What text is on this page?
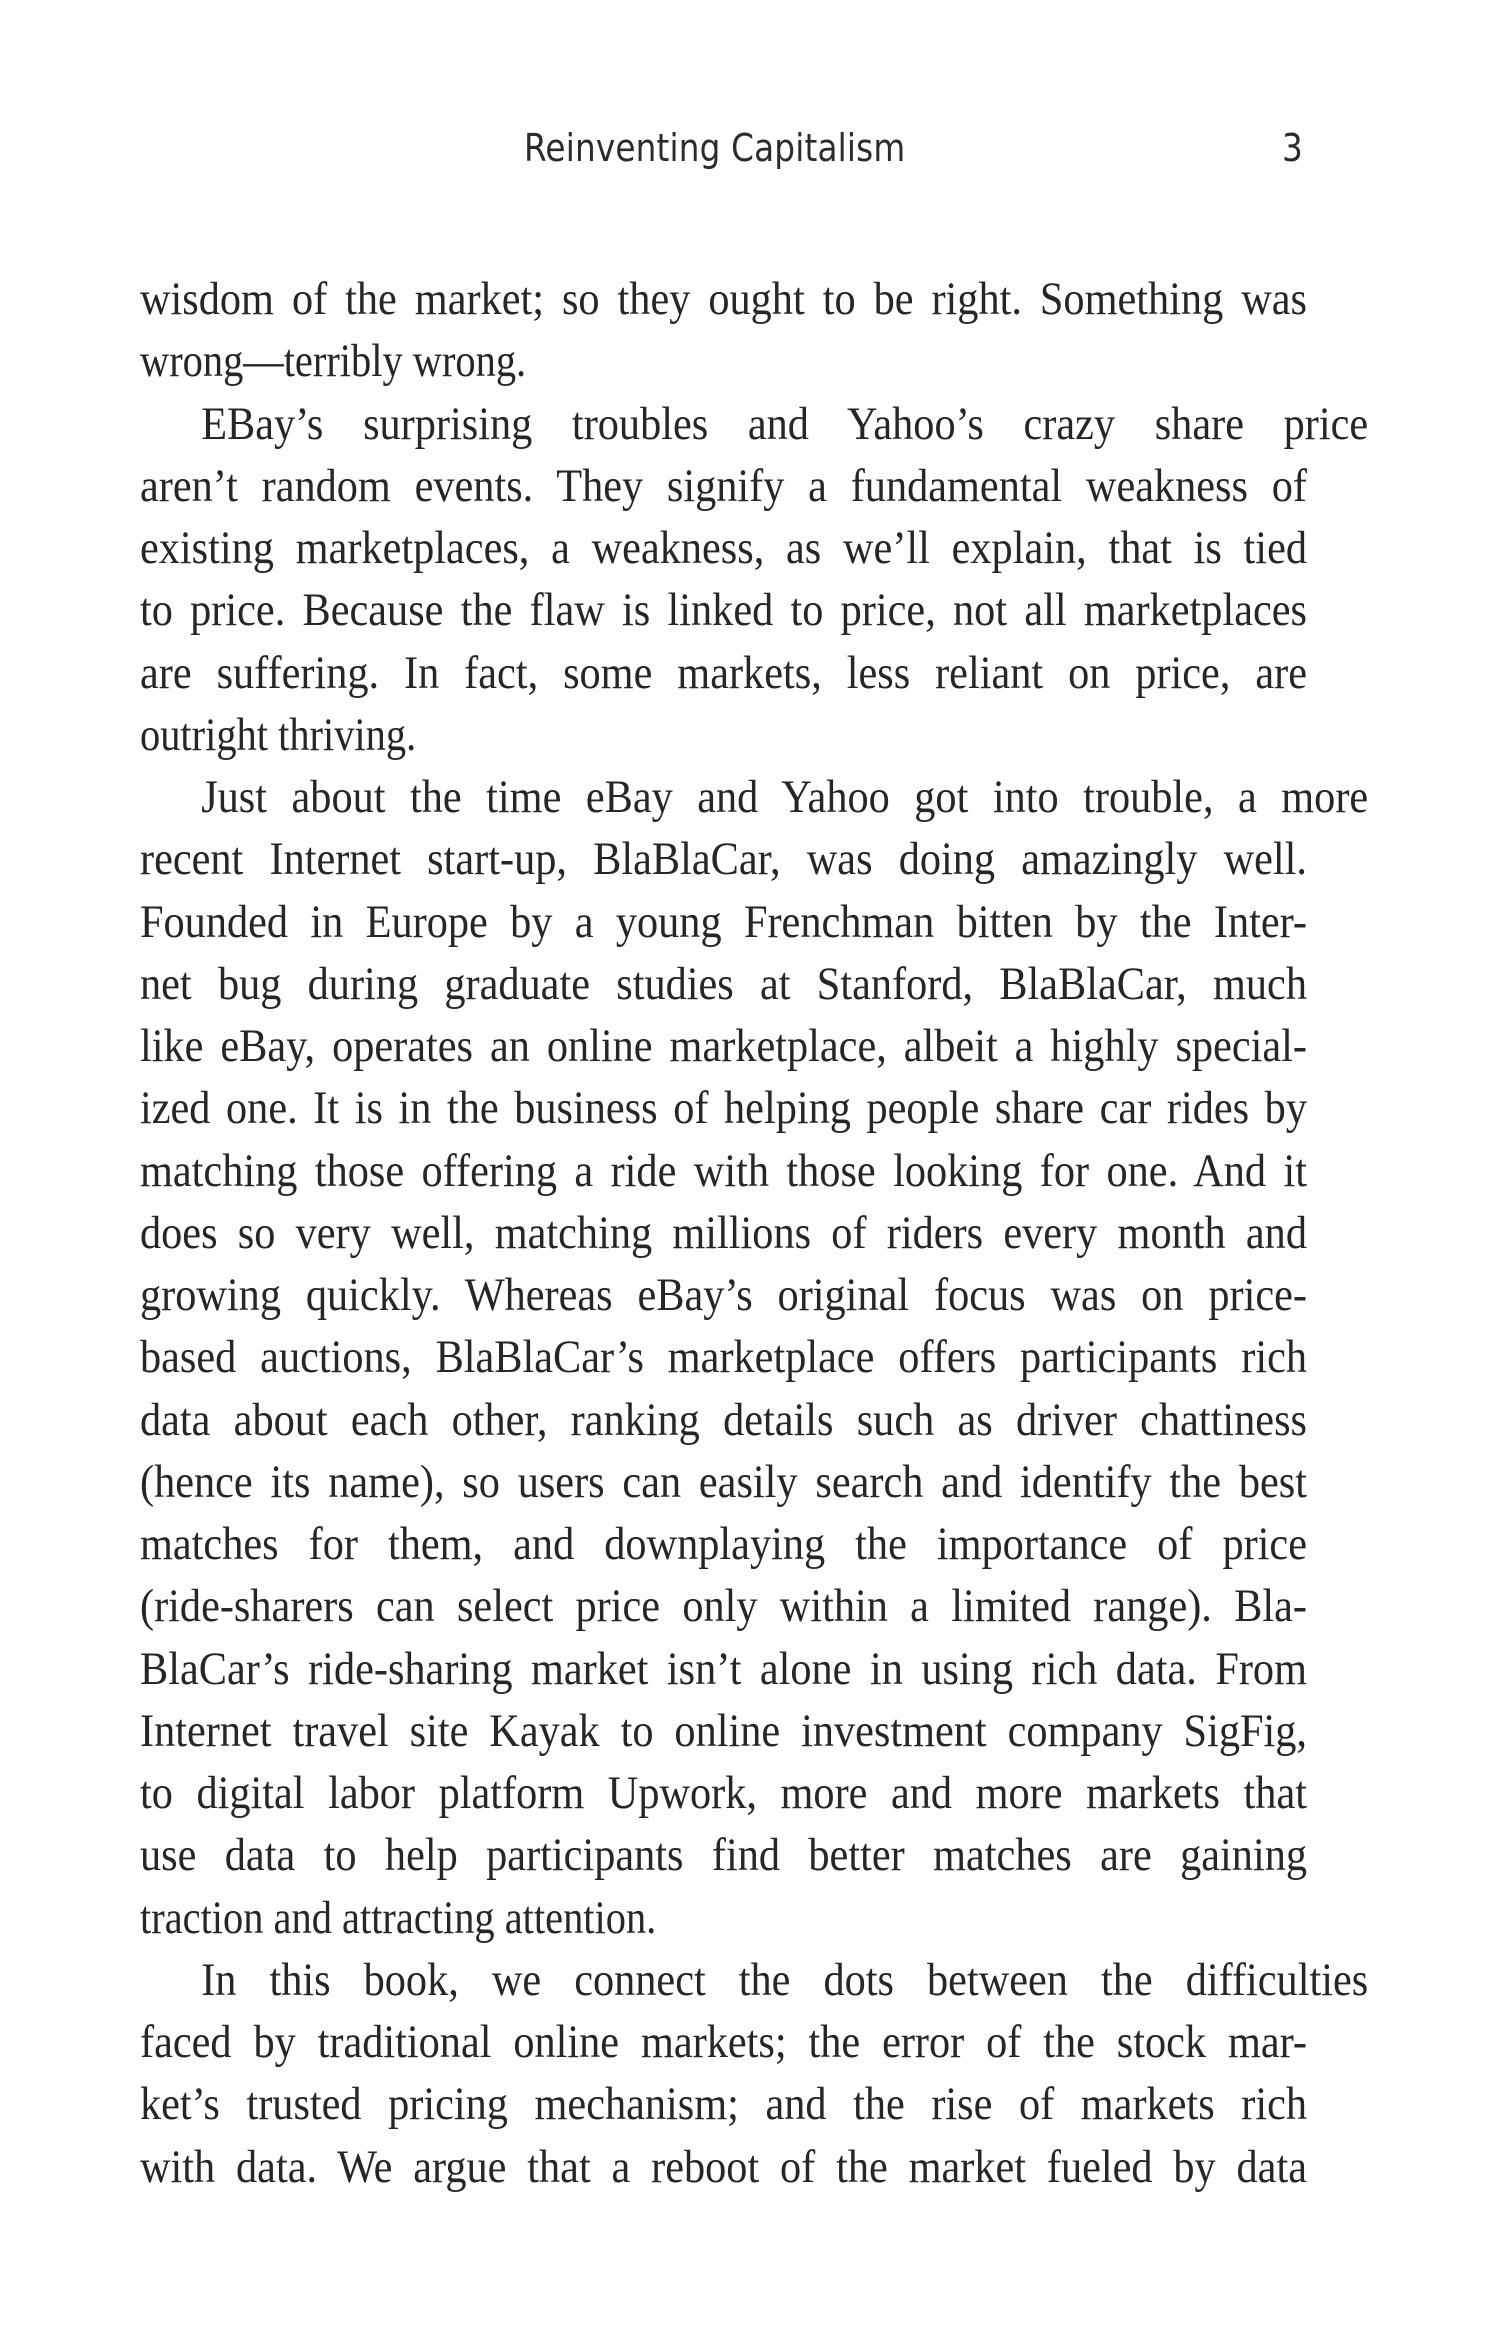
Reinventing Capitalism	3
wisdom of the market; so they ought to be right. Something was
wrong—terribly wrong.
EBay’s surprising troubles and Yahoo’s crazy share price
aren’t random events. They signify a fundamental weakness of
existing marketplaces, a weakness, as we’ll explain, that is tied
to price. Because the flaw is linked to price, not all marketplaces
are suffering. In fact, some markets, less reliant on price, are
outright thriving.
Just about the time eBay and Yahoo got into trouble, a more
recent Internet start-up, BlaBlaCar, was doing amazingly well.
Founded in Europe by a young Frenchman bitten by the Inter-
net bug during graduate studies at Stanford, BlaBlaCar, much
like eBay, operates an online marketplace, albeit a highly special-
ized one. It is in the business of helping people share car rides by
matching those offering a ride with those looking for one. And it
does so very well, matching millions of riders every month and
growing quickly. Whereas eBay’s original focus was on price-
based auctions, BlaBlaCar’s marketplace offers participants rich
data about each other, ranking details such as driver chattiness
(hence its name), so users can easily search and identify the best
matches for them, and downplaying the importance of price
(ride-sharers can select price only within a limited range). Bla-
BlaCar’s ride-sharing market isn’t alone in using rich data. From
Internet travel site Kayak to online investment company SigFig,
to digital labor platform Upwork, more and more markets that
use data to help participants find better matches are gaining
traction and attracting attention.
In this book, we connect the dots between the difficulties
faced by traditional online markets; the error of the stock mar-
ket’s trusted pricing mechanism; and the rise of markets rich
with data. We argue that a reboot of the market fueled by data
